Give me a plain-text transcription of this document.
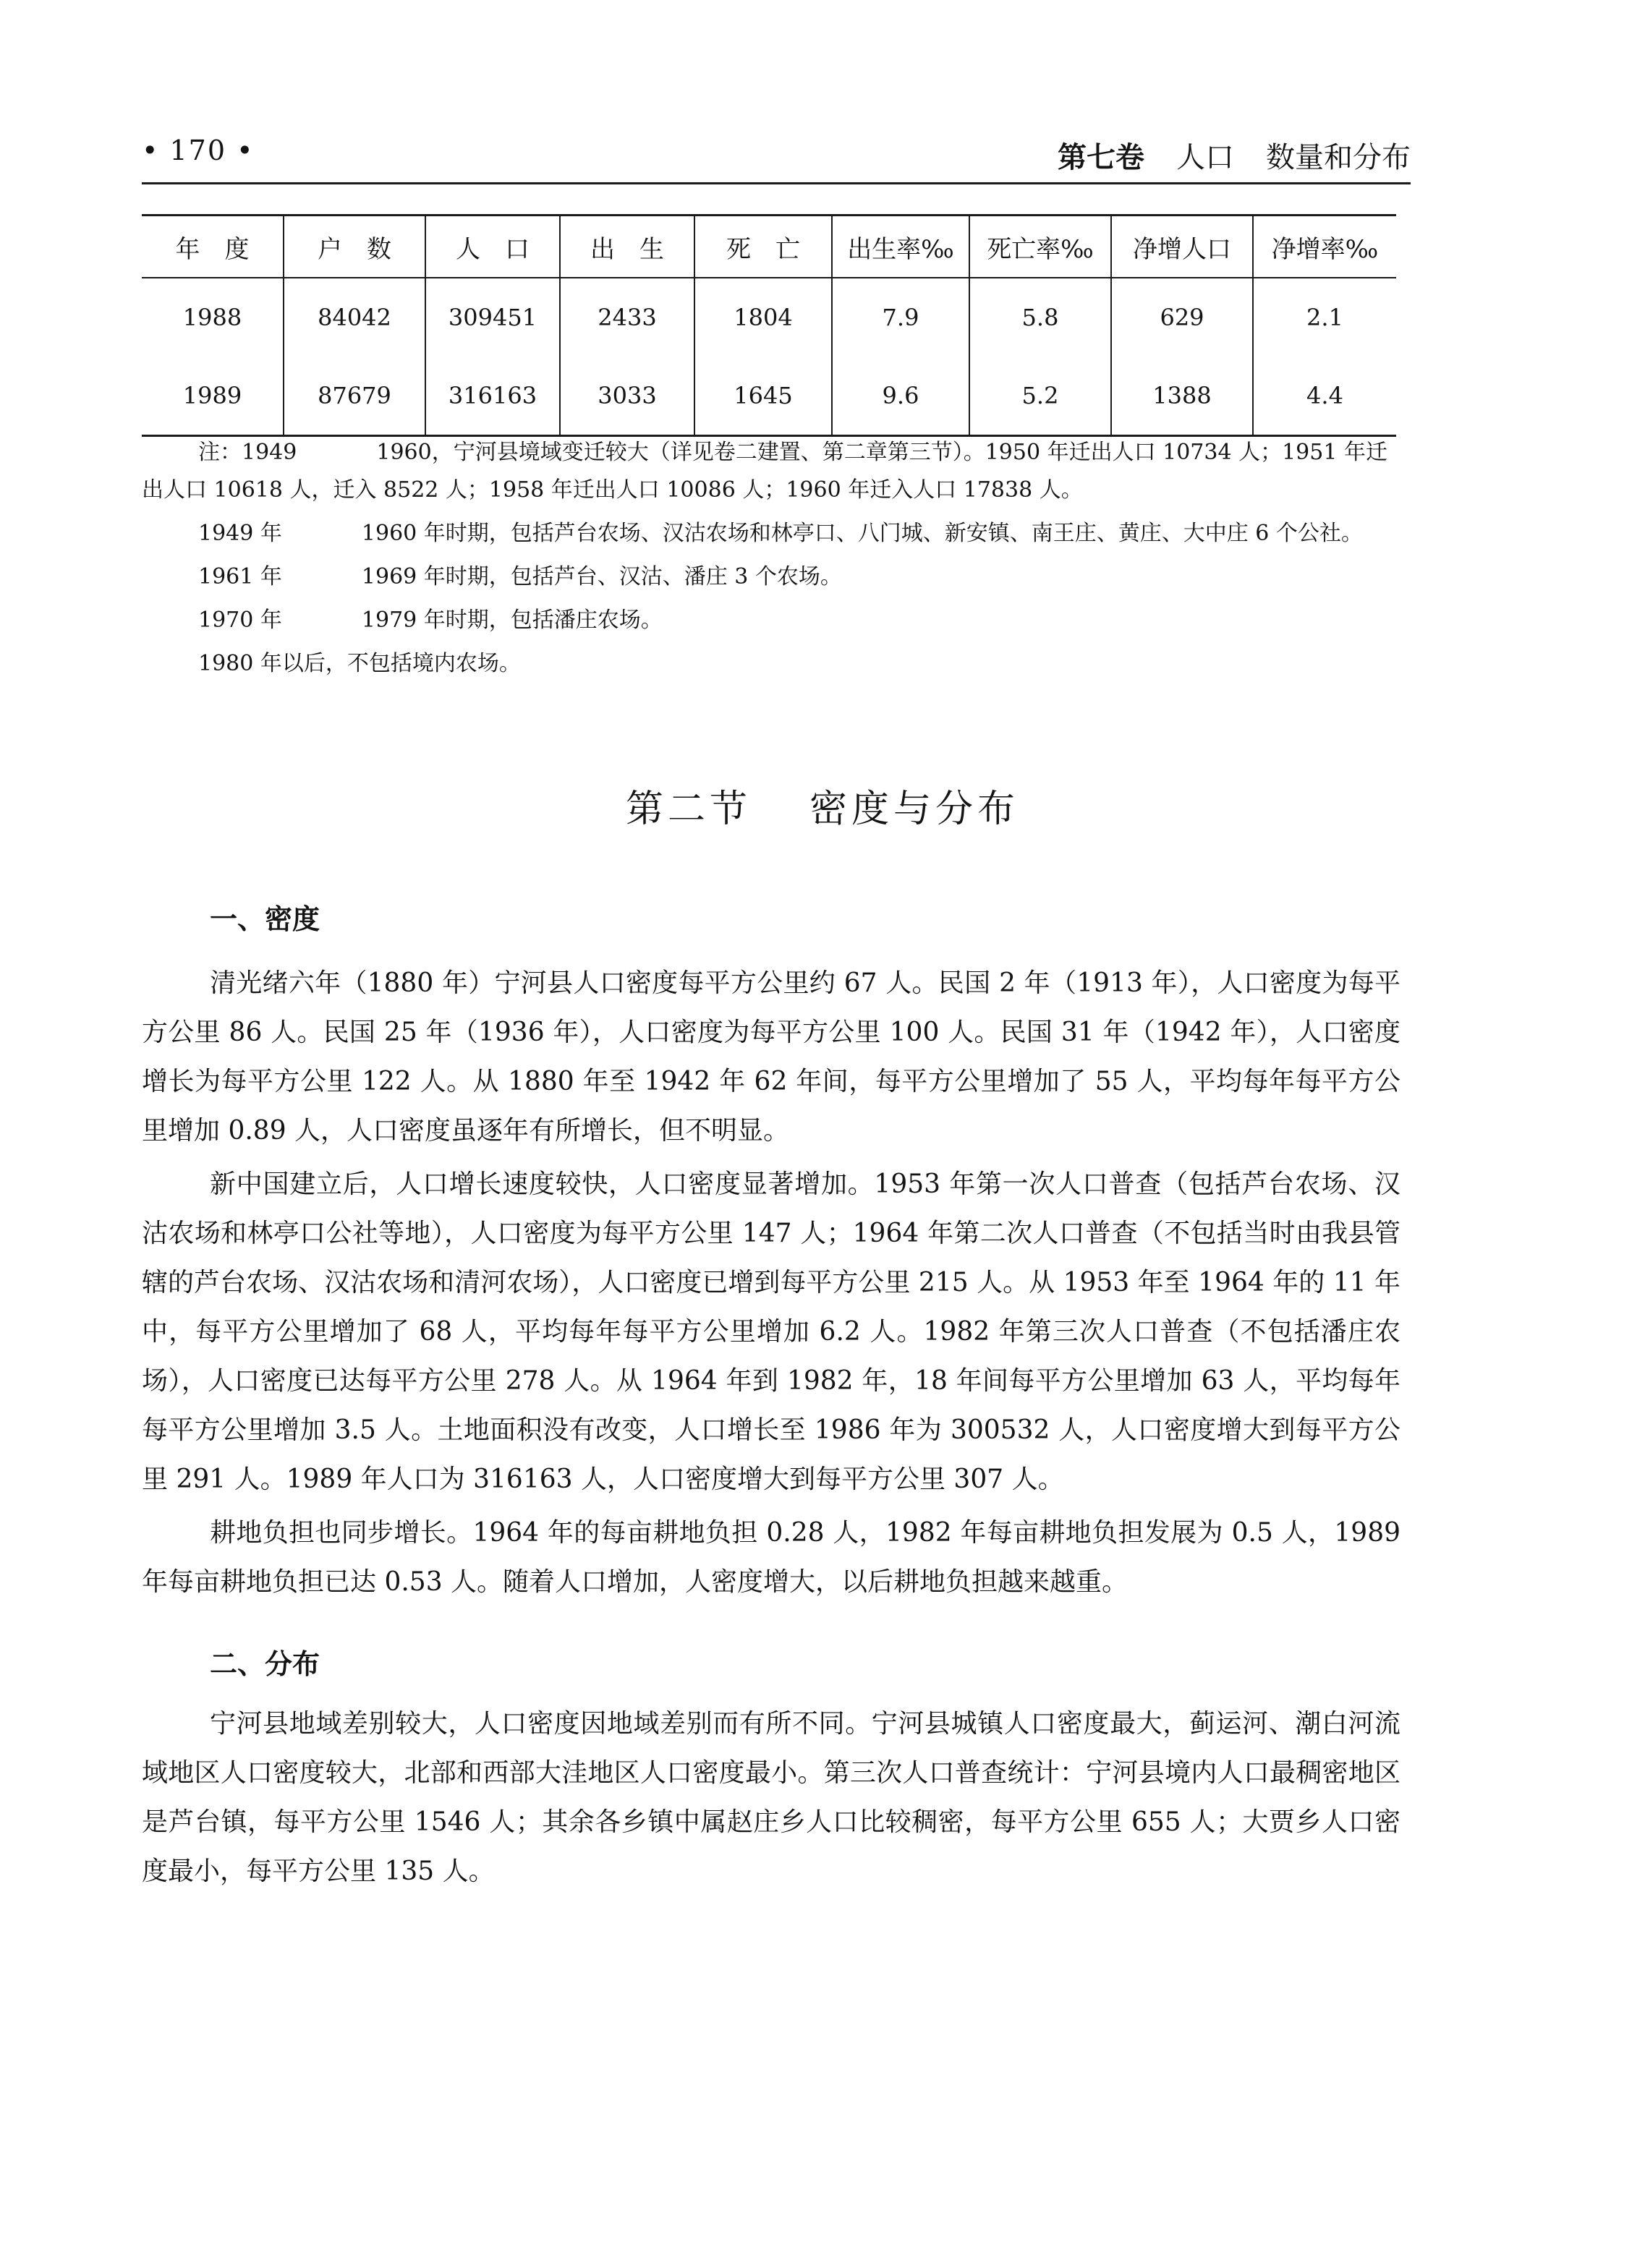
• 170 •	第七卷 人口 数量和分布
年　度	户　数	人　口	出　生	死　亡	出生率‰	死亡率‰	净增人口	净增率‰
1988	84042	309451	2433	1804	7.9	5.8	629	2.1
1989	87679	316163	3033	1645	9.6	5.2	1388	4.4

注：1949	1960，宁河县境域变迁较大（详见卷二建置、第二章第三节）。1950 年迁出人口 10734 人；1951 年迁出人口 10618 人，迁入 8522 人；1958 年迁出人口 10086 人；1960 年迁入人口 17838 人。

1949 年	1960 年时期，包括芦台农场、汉沽农场和林亭口、八门城、新安镇、南王庄、黄庄、大中庄 6 个公社。

1961 年	1969 年时期，包括芦台、汉沽、潘庄 3 个农场。

1970 年	1979 年时期，包括潘庄农场。

1980 年以后，不包括境内农场。

第二节 密度与分布
一、密度

清光绪六年（1880 年）宁河县人口密度每平方公里约 67 人。民国 2 年（1913 年），人口密度为每平方公里 86 人。民国 25 年（1936 年），人口密度为每平方公里 100 人。民国 31 年（1942 年），人口密度增长为每平方公里 122 人。从 1880 年至 1942 年 62 年间，每平方公里增加了 55 人，平均每年每平方公里增加 0.89 人，人口密度虽逐年有所增长，但不明显。

新中国建立后，人口增长速度较快，人口密度显著增加。1953 年第一次人口普查（包括芦台农场、汉沽农场和林亭口公社等地），人口密度为每平方公里 147 人；1964 年第二次人口普查（不包括当时由我县管辖的芦台农场、汉沽农场和清河农场），人口密度已增到每平方公里 215 人。从 1953 年至 1964 年的 11 年中，每平方公里增加了 68 人，平均每年每平方公里增加 6.2 人。1982 年第三次人口普查（不包括潘庄农场），人口密度已达每平方公里 278 人。从 1964 年到 1982 年，18 年间每平方公里增加 63 人，平均每年每平方公里增加 3.5 人。土地面积没有改变，人口增长至 1986 年为 300532 人，人口密度增大到每平方公里 291 人。1989 年人口为 316163 人，人口密度增大到每平方公里 307 人。

耕地负担也同步增长。1964 年的每亩耕地负担 0.28 人，1982 年每亩耕地负担发展为 0.5 人，1989 年每亩耕地负担已达 0.53 人。随着人口增加，人密度增大，以后耕地负担越来越重。

二、分布

宁河县地域差别较大，人口密度因地域差别而有所不同。宁河县城镇人口密度最大，蓟运河、潮白河流域地区人口密度较大，北部和西部大洼地区人口密度最小。第三次人口普查统计：宁河县境内人口最稠密地区是芦台镇，每平方公里 1546 人；其余各乡镇中属赵庄乡人口比较稠密，每平方公里 655 人；大贾乡人口密度最小，每平方公里 135 人。
